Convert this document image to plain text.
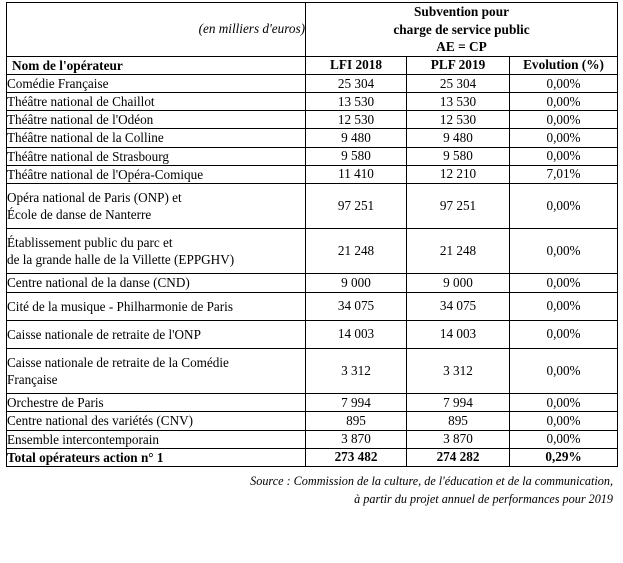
(en milliers d'euros)	Subvention pour
charge de service public
AE = CP		

Nom de l'opérateur	LFI 2018	PLF 2019	Evolution (%)

Comédie Française	25 304	25 304	0,00%

Théâtre national de Chaillot	13 530	13 530	0,00%

Théâtre national de l'Odéon	12 530	12 530	0,00%

Théâtre national de la Colline	9 480	9 480	0,00%

Théâtre national de Strasbourg	9 580	9 580	0,00%

Théâtre national de l'Opéra-Comique	11 410	12 210	7,01%

Opéra national de Paris (ONP) et
École de danse de Nanterre	97 251	97 251	0,00%

Établissement public du parc et
de la grande halle de la Villette (EPPGHV)	21 248	21 248	0,00%

Centre national de la danse (CND)	9 000	9 000	0,00%

Cité de la musique - Philharmonie de Paris	34 075	34 075	0,00%

Caisse nationale de retraite de l'ONP	14 003	14 003	0,00%

Caisse nationale de retraite de la Comédie
Française	3 312	3 312	0,00%

Orchestre de Paris	7 994	7 994	0,00%

Centre national des variétés (CNV)	895	895	0,00%

Ensemble intercontemporain	3 870	3 870	0,00%
Total opérateurs action n° 1	273 482	274 282	0,29%
Source : Commission de la culture, de l'éducation et de la communication,
à partir du projet annuel de performances pour 2019
